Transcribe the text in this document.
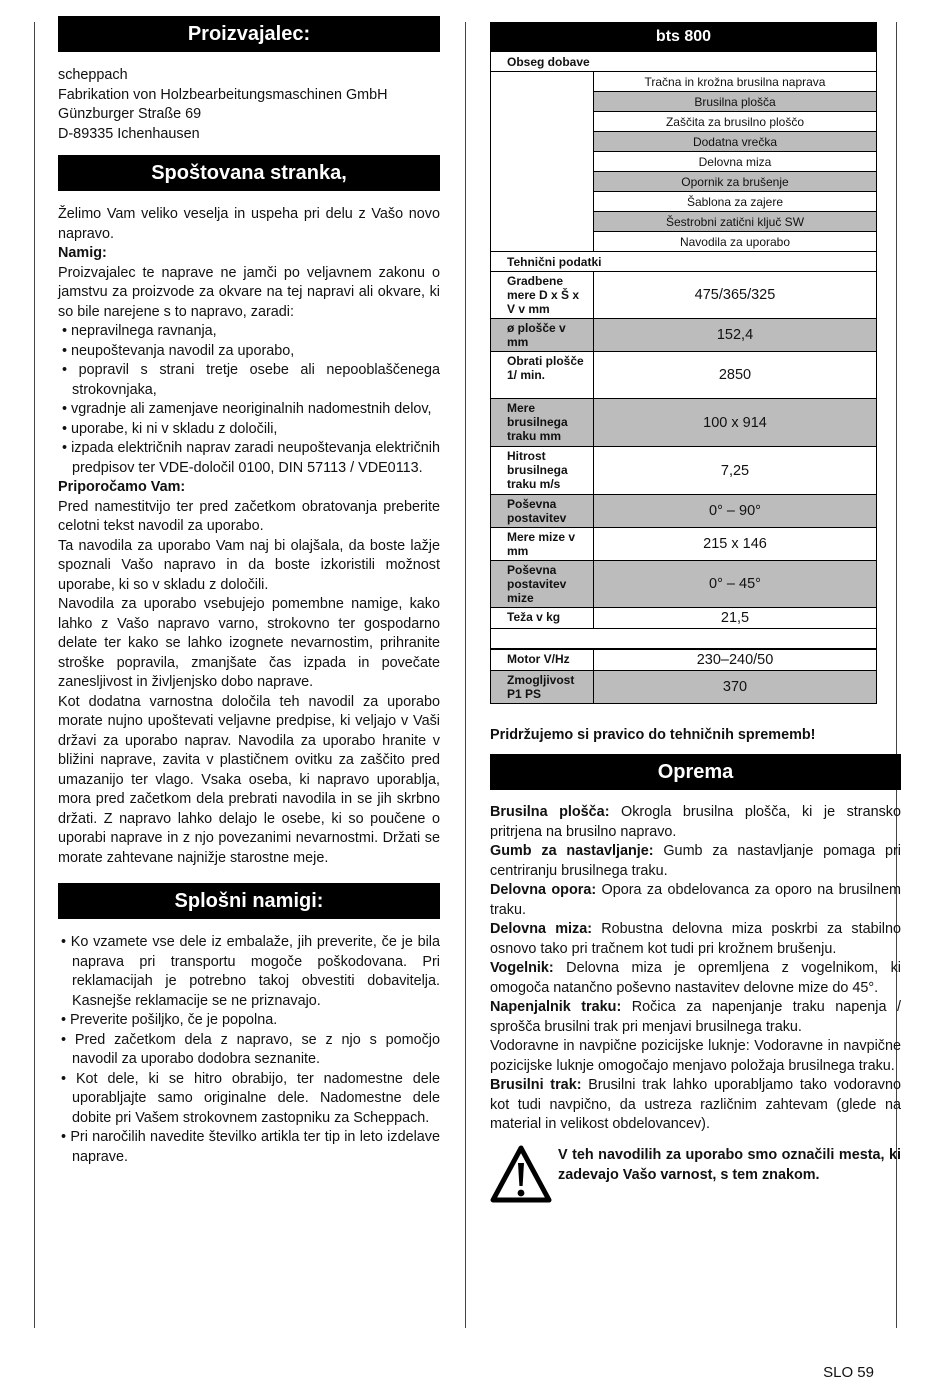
Proizvajalec:
scheppach
Fabrikation von Holzbearbeitungsmaschinen GmbH
Günzburger Straße 69
D-89335 Ichenhausen
Spoštovana stranka,
Želimo Vam veliko veselja in uspeha pri delu z Vašo novo napravo.
Namig:
Proizvajalec te naprave ne jamči po veljavnem zakonu o jamstvu za proizvode za okvare na tej napravi ali okvare, ki so bile narejene s to napravo, zaradi:
• nepravilnega ravnanja,
• neupoštevanja navodil za uporabo,
• popravil s strani tretje osebe ali nepooblaščenega strokovnjaka,
• vgradnje ali zamenjave neoriginalnih nadomestnih delov,
• uporabe, ki ni v skladu z določili,
• izpada električnih naprav zaradi neupoštevanja električnih predpisov ter VDE-določil 0100, DIN 57113 / VDE0113.
Priporočamo Vam:
Pred namestitvijo ter pred začetkom obratovanja preberite celotni tekst navodil za uporabo.
Ta navodila za uporabo Vam naj bi olajšala, da boste lažje spoznali Vašo napravo in da boste izkoristili možnost uporabe, ki so v skladu z določili.
Navodila za uporabo vsebujejo pomembne namige, kako lahko z Vašo napravo varno, strokovno ter gospodarno delate ter kako se lahko izognete nevarnostim, prihranite stroške popravila, zmanjšate čas izpada in povečate zanesljivost in življenjsko dobo naprave.
Kot dodatna varnostna določila teh navodil za uporabo morate nujno upoštevati veljavne predpise, ki veljajo v Vaši državi za uporabo naprav. Navodila za uporabo hranite v bližini naprave, zavita v plastičnem ovitku za zaščito pred umazanijo ter vlago. Vsaka oseba, ki napravo uporablja, mora pred začetkom dela prebrati navodila in se jih skrbno držati. Z napravo lahko delajo le osebe, ki so poučene o uporabi naprave in z njo povezanimi nevarnostmi. Držati se morate zahtevane najnižje starostne meje.
Splošni namigi:
• Ko vzamete vse dele iz embalaže, jih preverite, če je bila naprava pri transportu mogoče poškodovana. Pri reklamacijah je potrebno takoj obvestiti dobavitelja. Kasnejše reklamacije se ne priznavajo.
• Preverite pošiljko, če je popolna.
• Pred začetkom dela z napravo, se z njo s pomočjo navodil za uporabo dodobra seznanite.
• Kot dele, ki se hitro obrabijo, ter nadomestne dele uporabljajte samo originalne dele. Nadomestne dele dobite pri Vašem strokovnem zastopniku za Scheppach.
• Pri naročilih navedite številko artikla ter tip in leto izdelave naprave.
bts 800	
Obseg dobave	
	Tračna in krožna brusilna naprava
	Brusilna plošča
	Zaščita za brusilno ploščo
	Dodatna vrečka
	Delovna miza
	Opornik za brušenje
	Šablona za zajere
	Šestrobni zatični ključ SW
	Navodila za uporabo
Tehnični podatki	
Gradbene mere D x Š x V v mm	475/365/325
ø plošče v mm	152,4
Obrati plošče 1/ min.	2850
Mere brusilnega traku mm	100 x 914
Hitrost brusilnega traku m/s	7,25
Poševna postavitev	0° – 90°
Mere mize v mm	215 x 146
Poševna postavitev mize	0° – 45°
Teža v kg	21,5

Motor V/Hz	230–240/50
Zmogljivost P1 PS	370
Pridržujemo si pravico do tehničnih sprememb!
Oprema
Brusilna plošča: Okrogla brusilna plošča, ki je stransko pritrjena na brusilno napravo.
Gumb za nastavljanje: Gumb za nastavljanje pomaga pri centriranju brusilnega traku.
Delovna opora: Opora za obdelovanca za oporo na brusilnem traku.
Delovna miza: Robustna delovna miza poskrbi za stabilno osnovo tako pri tračnem kot tudi pri krožnem brušenju.
Vogelnik: Delovna miza je opremljena z vogelnikom, ki omogoča natančno poševno nastavitev delovne mize do 45°.
Napenjalnik traku: Ročica za napenjanje traku napenja / sprošča brusilni trak pri menjavi brusilnega traku.
Vodoravne in navpične pozicijske luknje: Vodoravne in navpične pozicijske luknje omogočajo menjavo položaja brusilnega traku.
Brusilni trak: Brusilni trak lahko uporabljamo tako vodoravno kot tudi navpično, da ustreza različnim zahtevam (glede na material in velikost obdelovancev).
V teh navodilih za uporabo smo označili mesta, ki zadevajo Vašo varnost, s tem znakom.
SLO 59
